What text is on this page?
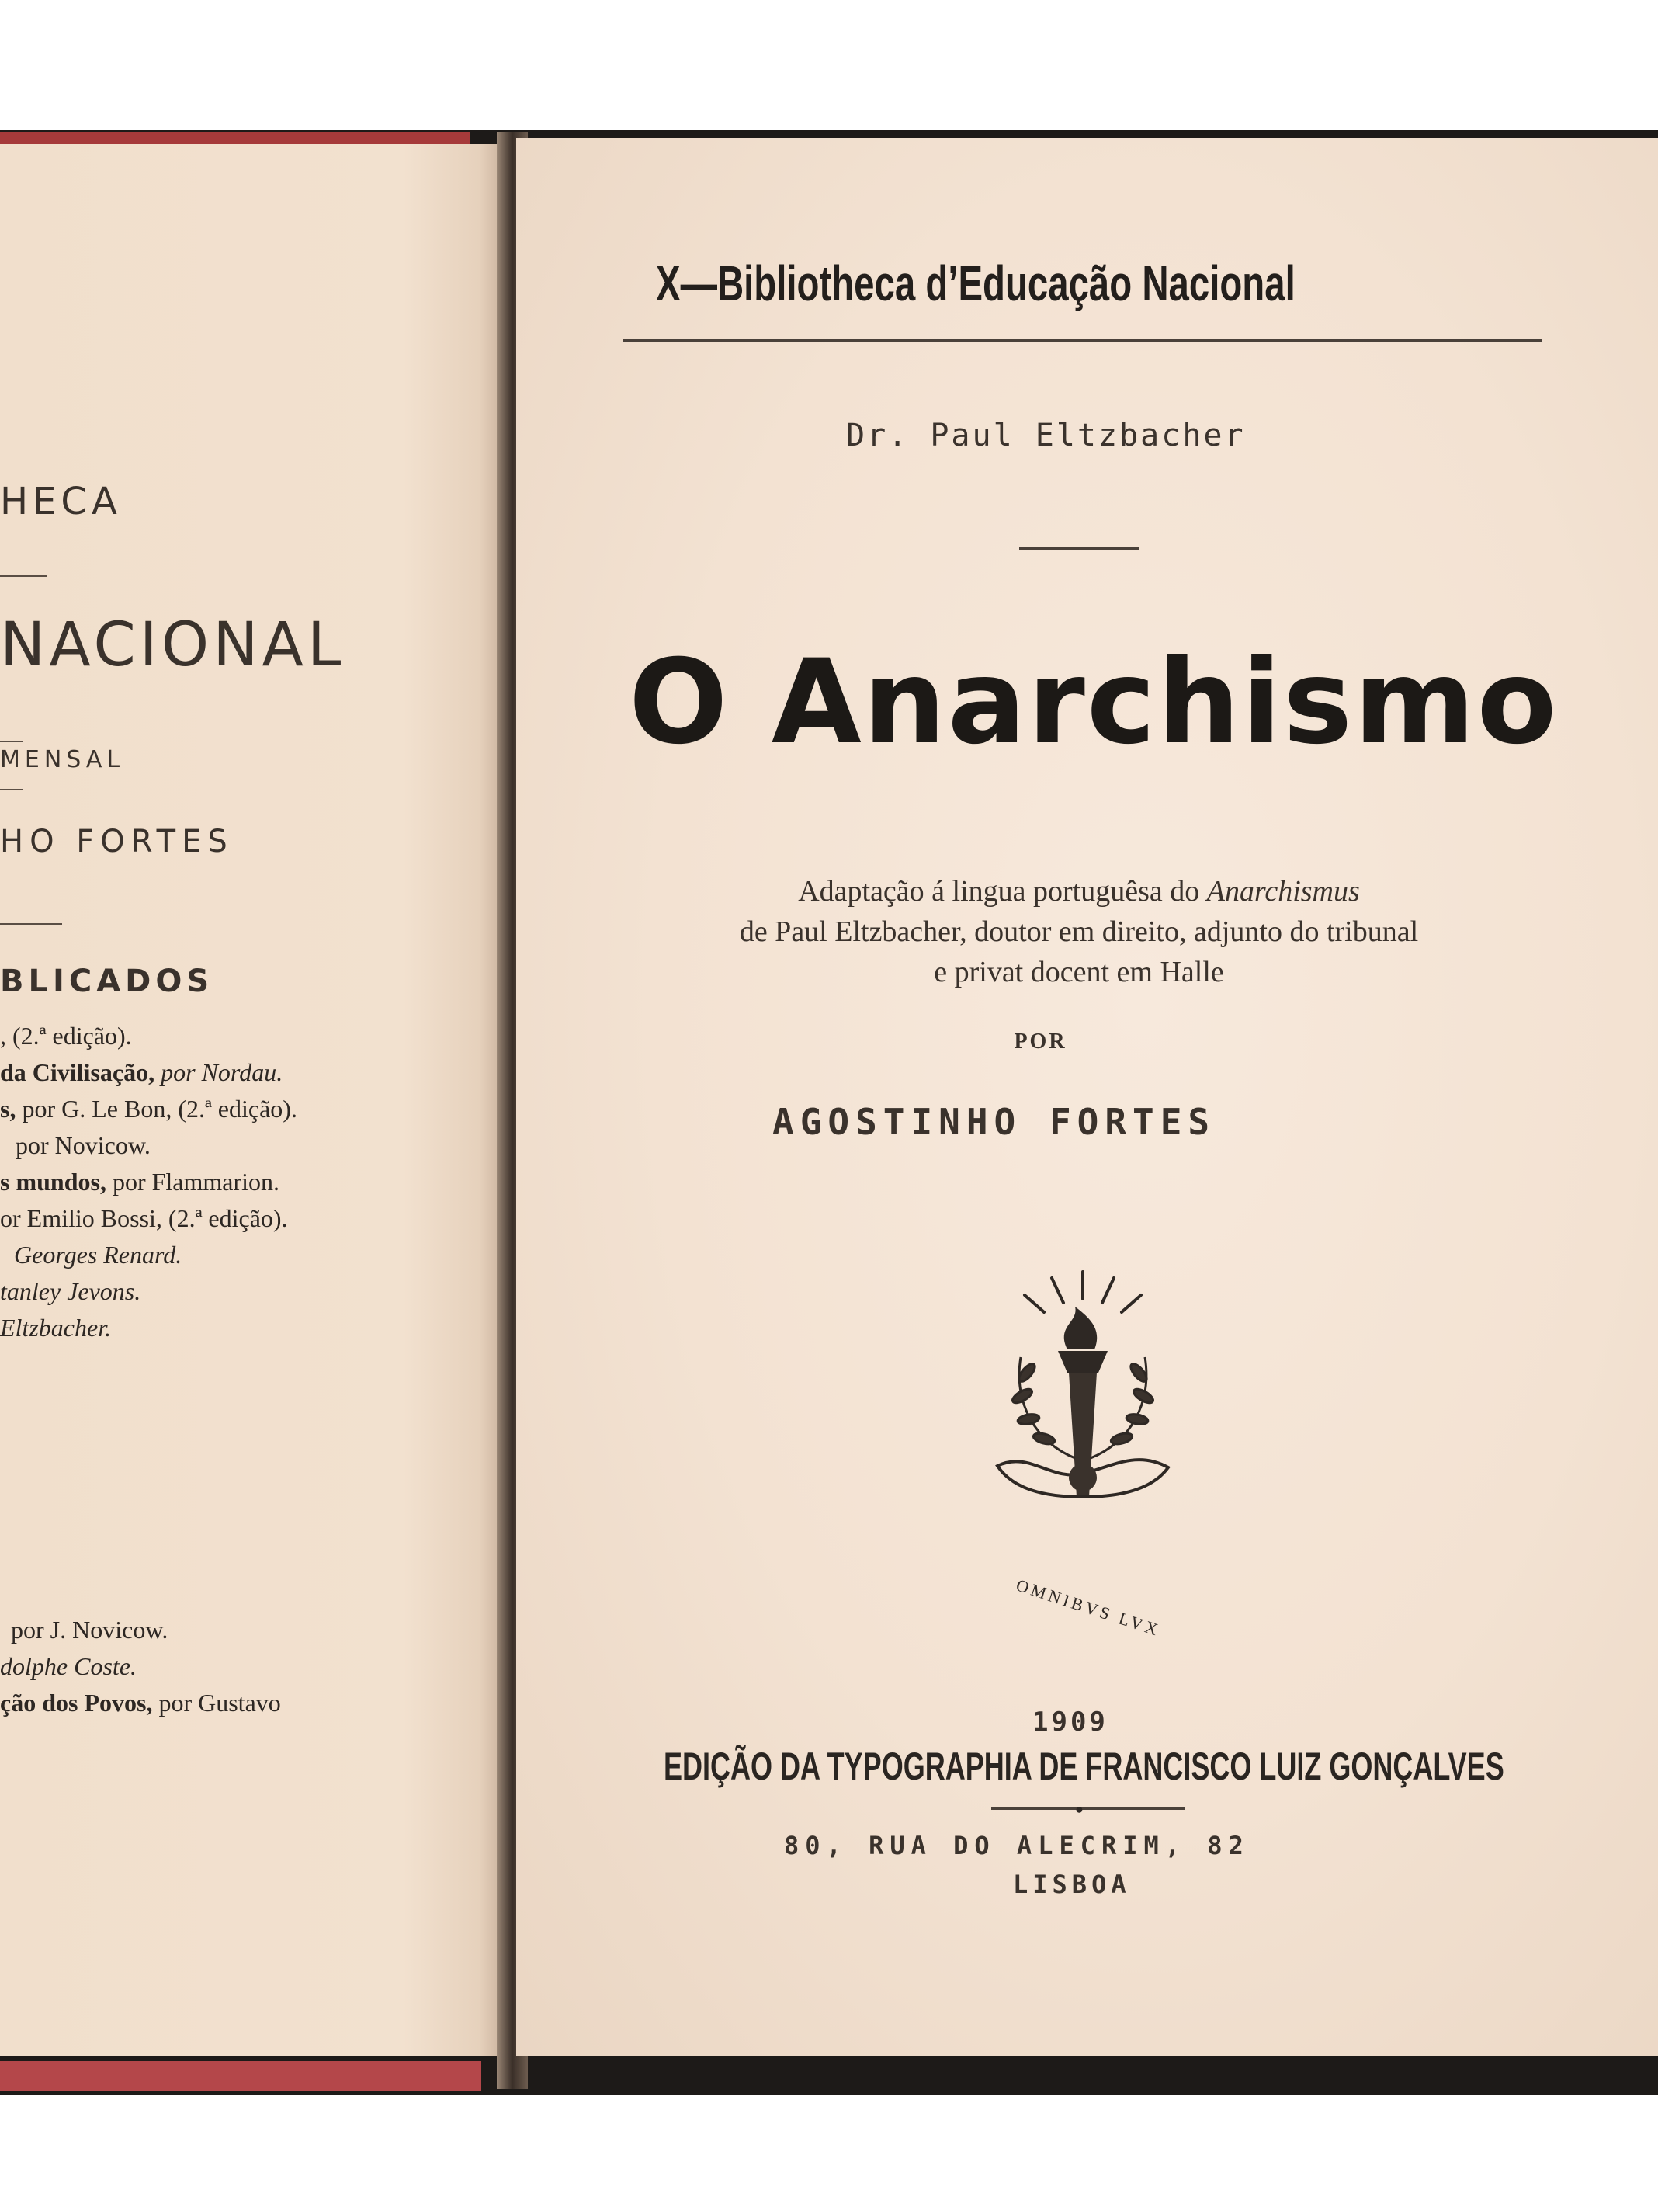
HECA
NACIONAL
MENSAL
HO FORTES
BLICADOS
, (2.ª edição).
da Civilisação, por Nordau.
s, por G. Le Bon, (2.ª edição).
por Novicow.
s mundos, por Flammarion.
or Emilio Bossi, (2.ª edição).
Georges Renard.
tanley Jevons.
Eltzbacher.
por J. Novicow.
dolphe Coste.
ção dos Povos, por Gustavo
X—Bibliotheca d’Educação Nacional
Dr. Paul Eltzbacher
O Anarchismo
Adaptação á lingua portuguêsa do Anarchismus
de Paul Eltzbacher, doutor em direito, adjunto do tribunal
e privat docent em Halle
POR
AGOSTINHO FORTES
OMNIBVS LVX
1909
EDIÇÃO DA TYPOGRAPHIA DE FRANCISCO LUIZ GONÇALVES
●
80, RUA DO ALECRIM, 82
LISBOA
